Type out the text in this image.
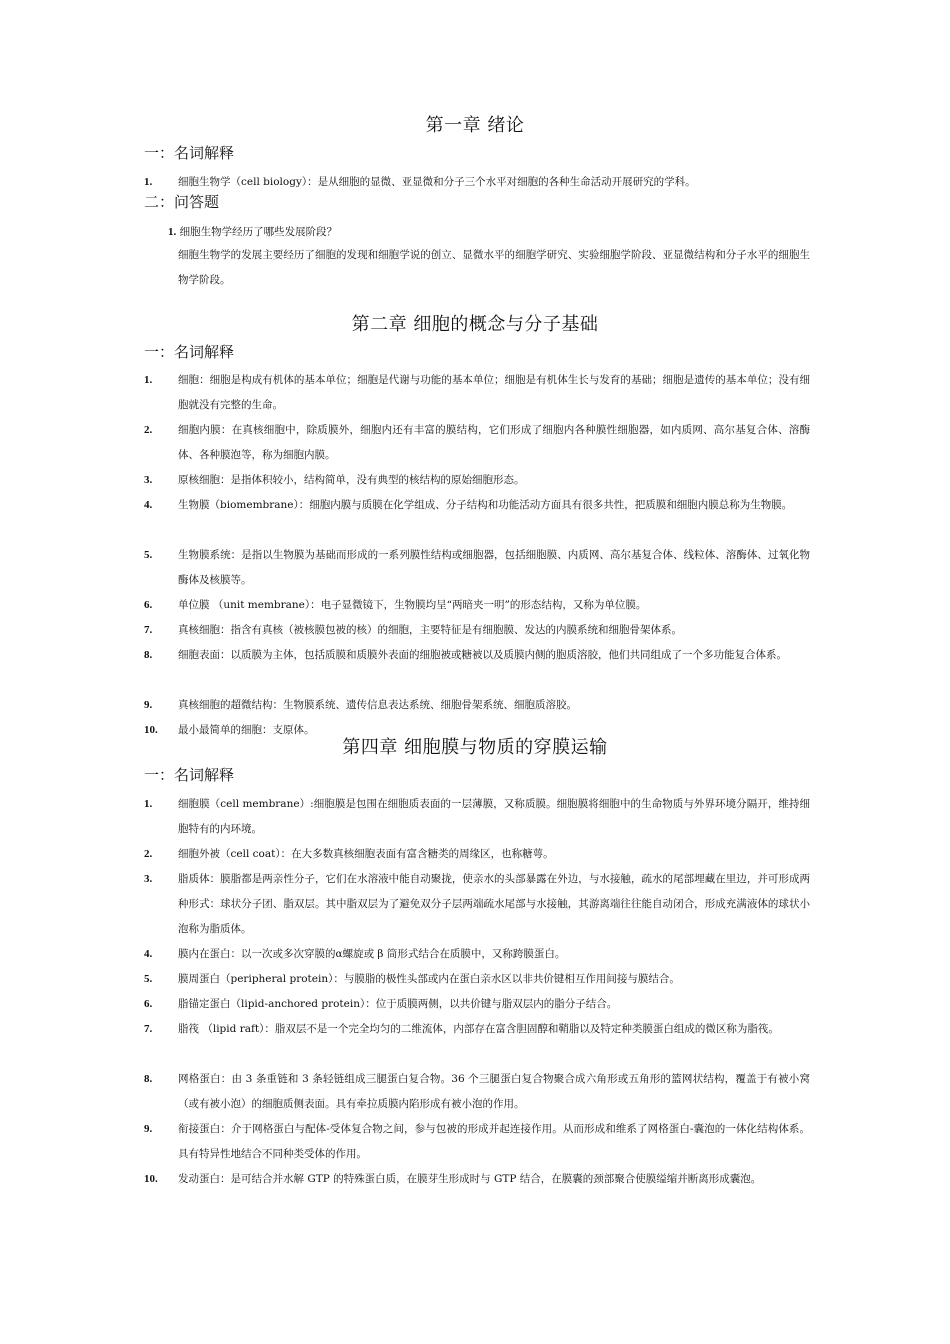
第一章 绪论
一：名词解释
1.	细胞生物学（cell biology）：是从细胞的显微、亚显微和分子三个水平对细胞的各种生命活动开展研究的学科。
二：问答题
1. 细胞生物学经历了哪些发展阶段？
细胞生物学的发展主要经历了细胞的发现和细胞学说的创立、显微水平的细胞学研究、实验细胞学阶段、亚显微结构和分子水平的细胞生物学阶段。
第二章 细胞的概念与分子基础
一：名词解释
1.	细胞：细胞是构成有机体的基本单位；细胞是代谢与功能的基本单位；细胞是有机体生长与发育的基础；细胞是遗传的基本单位；没有细胞就没有完整的生命。
2.	细胞内膜：在真核细胞中，除质膜外，细胞内还有丰富的膜结构，它们形成了细胞内各种膜性细胞器，如内质网、高尔基复合体、溶酶体、各种膜泡等，称为细胞内膜。
3.	原核细胞：是指体积较小，结构简单，没有典型的核结构的原始细胞形态。
4.	生物膜（biomembrane）：细胞内膜与质膜在化学组成、分子结构和功能活动方面具有很多共性，把质膜和细胞内膜总称为生物膜。
5.	生物膜系统：是指以生物膜为基础而形成的一系列膜性结构或细胞器，包括细胞膜、内质网、高尔基复合体、线粒体、溶酶体、过氧化物酶体及核膜等。
6.	单位膜 （unit membrane）：电子显微镜下，生物膜均呈“两暗夹一明”的形态结构，又称为单位膜。
7.	真核细胞：指含有真核（被核膜包被的核）的细胞，主要特征是有细胞膜、发达的内膜系统和细胞骨架体系。
8.	细胞表面：以质膜为主体，包括质膜和质膜外表面的细胞被或糖被以及质膜内侧的胞质溶胶，他们共同组成了一个多功能复合体系。
9.	真核细胞的超微结构：生物膜系统、遗传信息表达系统、细胞骨架系统、细胞质溶胶。
10.	最小最简单的细胞：支原体。
第四章 细胞膜与物质的穿膜运输
一：名词解释
1.	细胞膜（cell membrane）:细胞膜是包围在细胞质表面的一层薄膜，又称质膜。细胞膜将细胞中的生命物质与外界环境分隔开，维持细胞特有的内环境。
2.	细胞外被（cell coat）：在大多数真核细胞表面有富含糖类的周缘区，也称糖萼。
3.	脂质体：膜脂都是两亲性分子，它们在水溶液中能自动聚拢，使亲水的头部暴露在外边，与水接触，疏水的尾部埋藏在里边，并可形成两种形式：球状分子团、脂双层。其中脂双层为了避免双分子层两端疏水尾部与水接触，其游离端往往能自动闭合，形成充满液体的球状小泡称为脂质体。
4.	膜内在蛋白：以一次或多次穿膜的α螺旋或 β 筒形式结合在质膜中，又称跨膜蛋白。
5.	膜周蛋白（peripheral protein）：与膜脂的极性头部或内在蛋白亲水区以非共价键相互作用间接与膜结合。
6.	脂锚定蛋白（lipid-anchored protein）：位于质膜两侧，以共价键与脂双层内的脂分子结合。
7.	脂筏 （lipid raft）：脂双层不是一个完全均匀的二维流体，内部存在富含胆固醇和鞘脂以及特定种类膜蛋白组成的微区称为脂筏。
8.	网格蛋白：由 3 条重链和 3 条轻链组成三腿蛋白复合物。36 个三腿蛋白复合物聚合成六角形或五角形的篮网状结构，覆盖于有被小窝（或有被小泡）的细胞质侧表面。具有牵拉质膜内陷形成有被小泡的作用。
9.	衔接蛋白：介于网格蛋白与配体-受体复合物之间，参与包被的形成并起连接作用。从而形成和维系了网格蛋白-囊泡的一体化结构体系。具有特异性地结合不同种类受体的作用。
10.	发动蛋白：是可结合并水解 GTP 的特殊蛋白质，在膜芽生形成时与 GTP 结合，在膜囊的颈部聚合使膜缢缩并断离形成囊泡。
